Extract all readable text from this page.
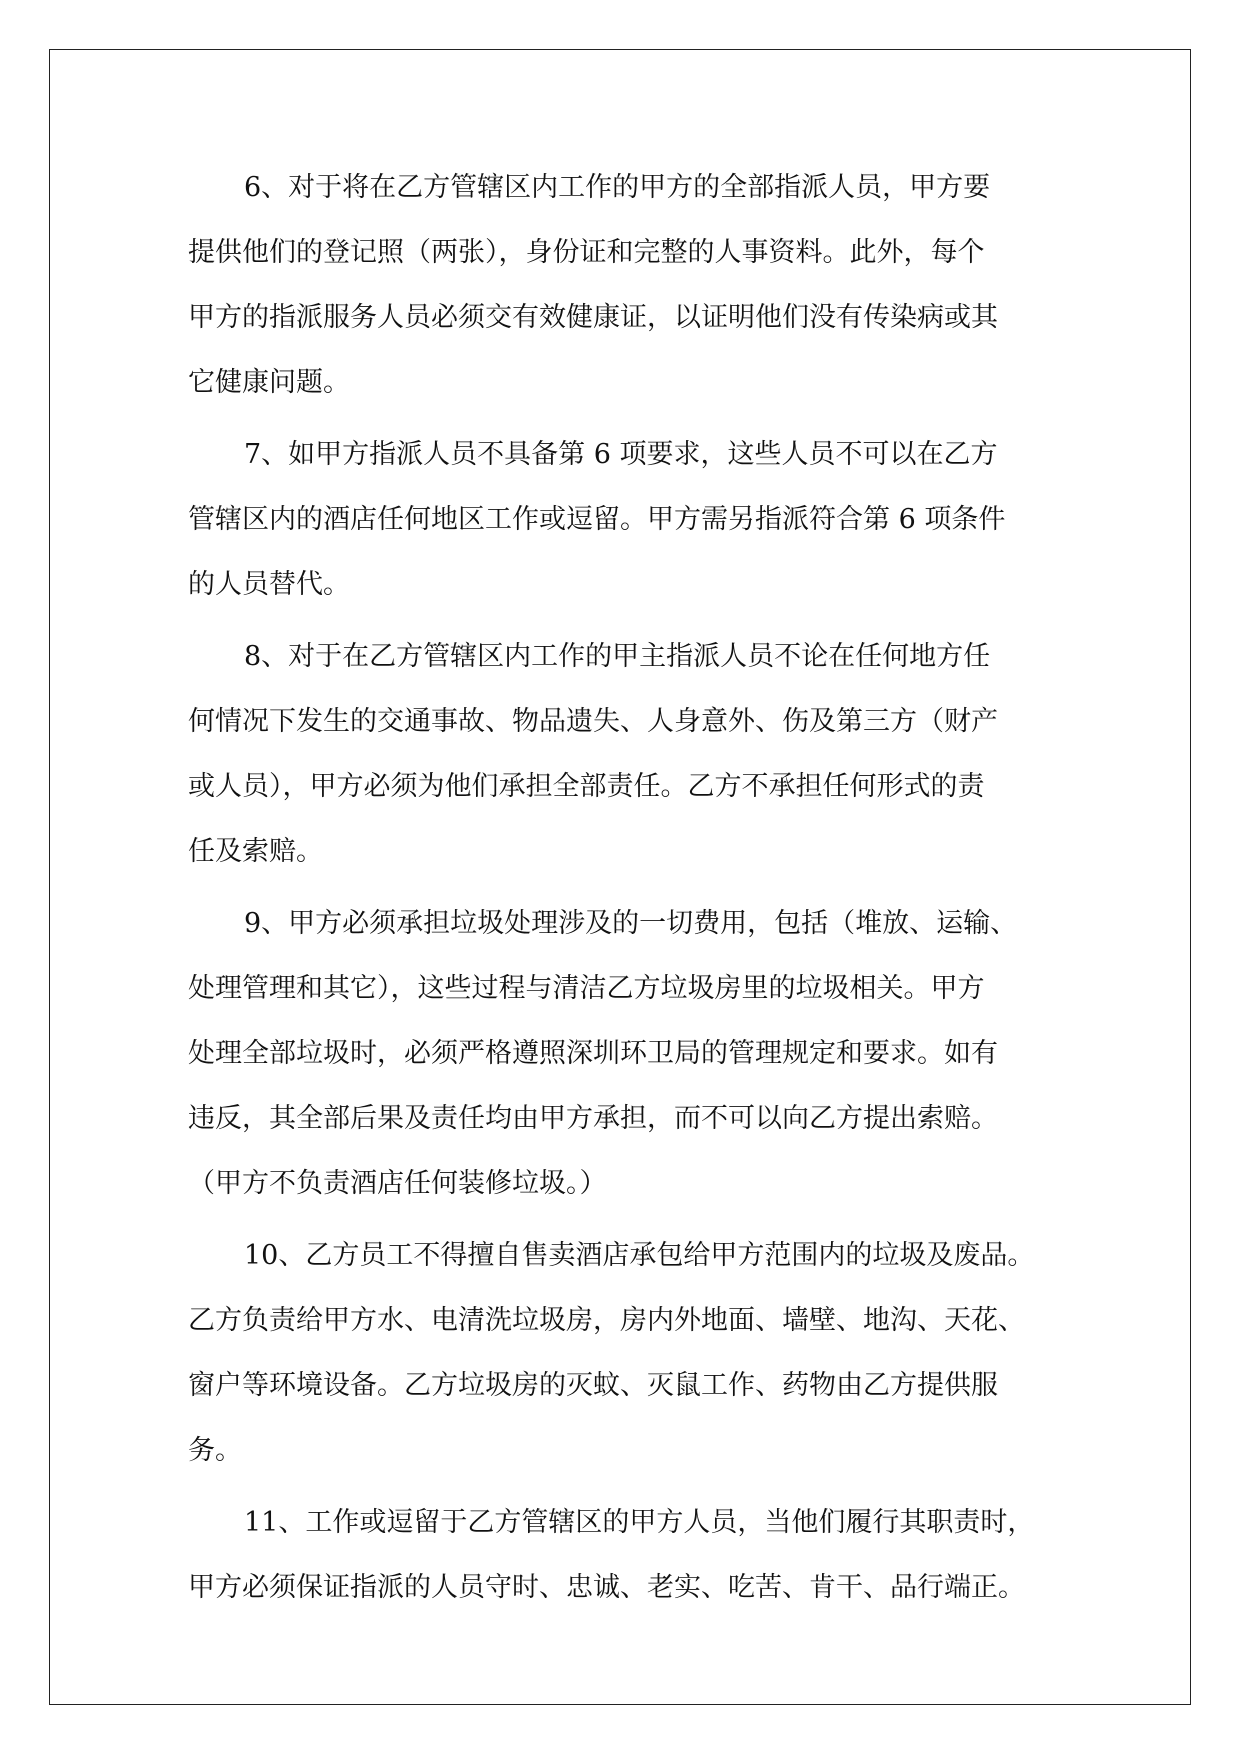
6、对于将在乙方管辖区内工作的甲方的全部指派人员，甲方要
提供他们的登记照（两张），身份证和完整的人事资料。此外，每个
甲方的指派服务人员必须交有效健康证，以证明他们没有传染病或其
它健康问题。
7、如甲方指派人员不具备第 6 项要求，这些人员不可以在乙方
管辖区内的酒店任何地区工作或逗留。甲方需另指派符合第 6 项条件
的人员替代。
8、对于在乙方管辖区内工作的甲主指派人员不论在任何地方任
何情况下发生的交通事故、物品遗失、人身意外、伤及第三方（财产
或人员），甲方必须为他们承担全部责任。乙方不承担任何形式的责
任及索赔。
9、甲方必须承担垃圾处理涉及的一切费用，包括（堆放、运输、
处理管理和其它），这些过程与清洁乙方垃圾房里的垃圾相关。甲方
处理全部垃圾时，必须严格遵照深圳环卫局的管理规定和要求。如有
违反，其全部后果及责任均由甲方承担，而不可以向乙方提出索赔。
（甲方不负责酒店任何装修垃圾。）
10、乙方员工不得擅自售卖酒店承包给甲方范围内的垃圾及废品。
乙方负责给甲方水、电清洗垃圾房，房内外地面、墙壁、地沟、天花、
窗户等环境设备。乙方垃圾房的灭蚊、灭鼠工作、药物由乙方提供服
务。
11、工作或逗留于乙方管辖区的甲方人员，当他们履行其职责时，
甲方必须保证指派的人员守时、忠诚、老实、吃苦、肯干、品行端正。
